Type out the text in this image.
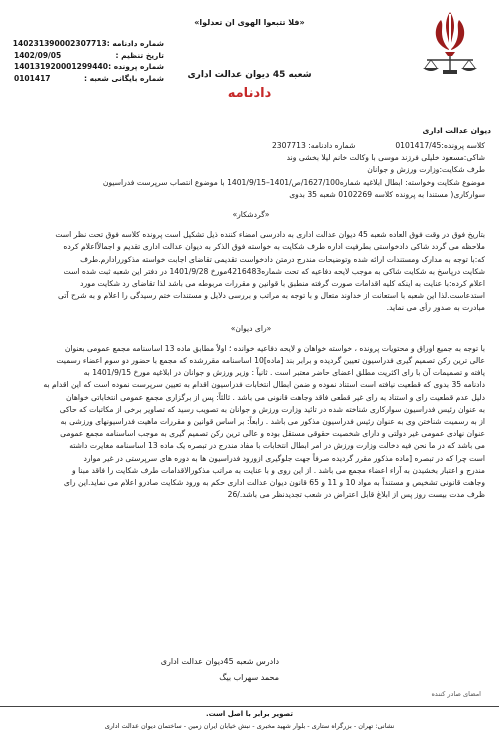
دیوان عدالت اداری
«فلا تتبعوا الهوی ان تعدلوا»
شعبه 45 دیوان عدالت اداری
دادنامه
شماره دادنامه :
140231390002307713
تاریخ تنظیم :
1402/09/05
شماره پرونده :
140131920001299440
شماره بایگانی شعبه :
0101417
کلاسه پرونده:0101417/45
شماره دادنامه: 2307713
شاکی:مسعود خلیلی فرزند موسی با وکالت خانم لیلا بخشی وند
طرف شکایت:وزارت ورزش و جوانان
موضوع شکایت وخواسته: ابطال ابلاغیه شماره1627/100/ص/1401–1401/9/15 با موضوع انتصاب سرپرست فدراسیون
سوارکاری( مستندا به پرونده کلاسه 0102269 شعبه 35 بدوی
«گردشکار»
بتاریخ فوق در وقت فوق العاده شعبه 45 دیوان عدالت اداری به دادرسی امضاء کننده ذیل تشکیل است پرونده کلاسه فوق تحت نظر است
ملاحظه می گردد شاکی دادخواستی بطرفیت اداره طرف شکایت به خواسته فوق الذکر به دیوان عدالت اداری تقدیم و اجمالاًاعلام کرده
که:با توجه به مدارک ومستندات ارائه شده وتوضیحات مندرج درمتن دادخواست تقدیمی تقاضای اجابت خواسته مذکوررادارم.طرف
شکایت درپاسخ به شکایت شاکی به موجب لایحه دفاعیه که تحت شماره4216483مورخ 1401/9/28 در دفتر این شعبه ثبت شده است
اعلام کرده:با عنایت به اینکه کلیه اقدامات صورت گرفته منطبق با قوانین و مقررات مربوطه می باشد لذا تقاضای رد شکایت مورد
استدعاست.لذا این شعبه با استعانت از خداوند متعال و با توجه به مراتب و بررسی دلایل و مستندات ختم رسیدگی را اعلام و به شرح آتی
مبادرت به صدور رأی می نماید.
«رای دیوان»
با توجه به جمیع اوراق و محتویات پرونده ، خواسته خواهان و لایحه دفاعیه خوانده ؛ اولاً مطابق ماده 13 اساسنامه مجمع عمومی بعنوان
عالی ترین رکن تصمیم گیری فدراسیون تعیین گردیده و برابر بند [ماده]10 اساسنامه مقررشده که مجمع با حضور دو سوم اعضاء رسمیت
یافته و تصمیمات آن با رای اکثریت مطلق اعضای حاضر معتبر است . ثانیاً : وزیر ورزش و جوانان در ابلاغیه مورخ 1401/9/15 به
دادنامه 35 بدوی که قطعیت نیافته است استناد نموده و ضمن ابطال انتخابات فدراسیون اقدام به تعیین سرپرست نموده است که این اقدام به
دلیل عدم قطعیت رای و استناد به رای غیر قطعی فاقد وجاهت قانونی می باشد . ثالثاً: پس از برگزاری مجمع عمومی انتخاباتی خواهان
به عنوان رئیس فدراسیون سوارکاری شناخته شده در تائید وزارت ورزش و جوانان به تصویب رسید که تصاویر برخی از مکاتبات که حاکی
از به رسمیت شناختن وی به عنوان رئیس فدراسیون مذکور می باشد . رابعاً: بر اساس قوانین و مقررات ماهیت فدراسیونهای ورزشی به
عنوان نهادی عمومی غیر دولتی و دارای شخصیت حقوقی مستقل بوده و عالی ترین رکن تصمیم گیری به موجب اساسنامه مجمع عمومی
می باشد که در ما نحن فیه دخالت وزارت ورزش در امر ابطال انتخابات با مفاد مندرج در تبصره یک ماده 13 اساسنامه مغایرت داشته
است چرا که در تبصره [ماده مذکور مقرر گردیده صرفاً جهت جلوگیری ازورود فدراسیون ها به دوره های سرپرستی در غیر موارد
مندرج و اعتبار بخشیدن به آراء اعضاء مجمع می باشد . از این روی و با عنایت به مراتب مذکورالاقدامات طرف شکایت را فاقد مبنا و
وجاهت قانونی تشخیص و مستنداً به مواد 10 و 11 و 65 قانون دیوان عدالت اداری حکم به ورود شکایت صادرو اعلام می نماید.این رای
ظرف مدت بیست روز پس از ابلاغ قابل اعتراض در شعب تجدیدنظر می باشد./26
دادرس شعبه 45دیوان عدالت اداری
محمد سهراب بیگ
امضای صادر کننده
تصویر برابر با اصل است.
نشانی: تهران - بزرگراه ستاری - بلوار شهید مخبری - نبش خیابان ایران زمین - ساختمان دیوان عدالت اداری
